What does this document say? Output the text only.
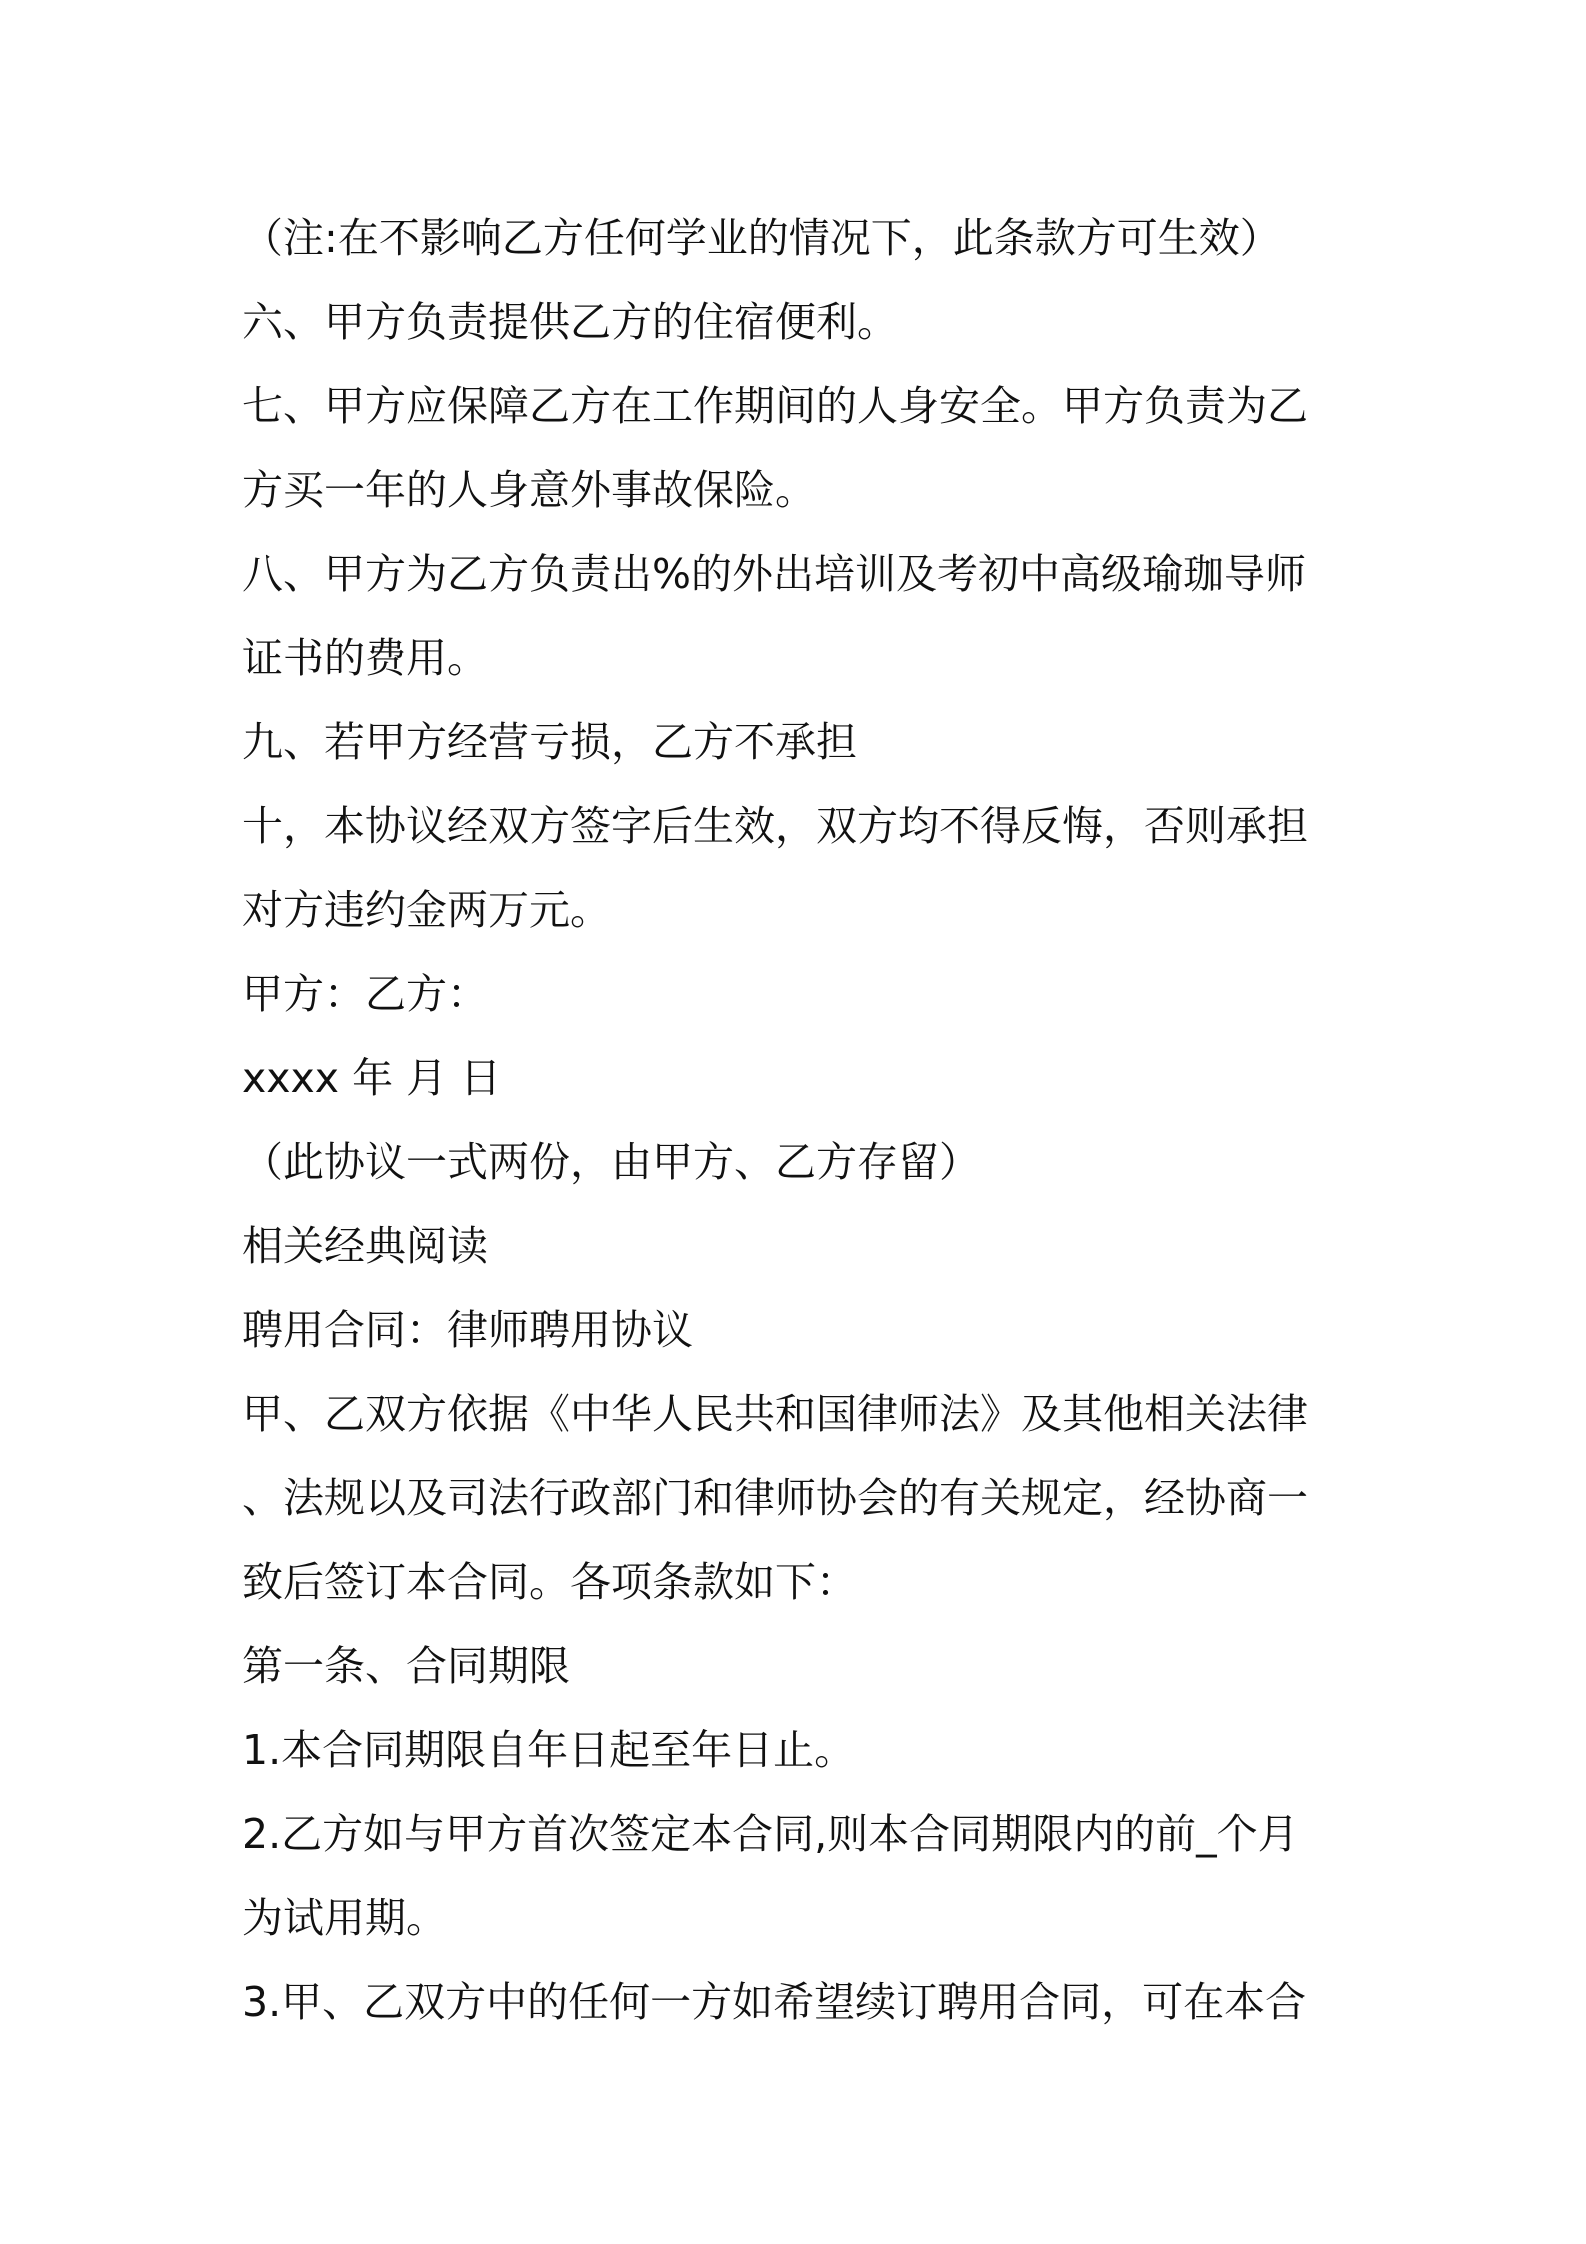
（注:在不影响乙方任何学业的情况下，此条款方可生效）
六、甲方负责提供乙方的住宿便利。
七、甲方应保障乙方在工作期间的人身安全。甲方负责为乙
方买一年的人身意外事故保险。
八、甲方为乙方负责出%的外出培训及考初中高级瑜珈导师
证书的费用。
九、若甲方经营亏损，乙方不承担
十，本协议经双方签字后生效，双方均不得反悔，否则承担
对方违约金两万元。
甲方：乙方：
xxxx 年 月 日
（此协议一式两份，由甲方、乙方存留）
相关经典阅读
聘用合同：律师聘用协议
甲、乙双方依据《中华人民共和国律师法》及其他相关法律
、法规以及司法行政部门和律师协会的有关规定，经协商一
致后签订本合同。各项条款如下：
第一条、合同期限
1.本合同期限自年日起至年日止。
2.乙方如与甲方首次签定本合同,则本合同期限内的前_个月
为试用期。
3.甲、乙双方中的任何一方如希望续订聘用合同，可在本合
